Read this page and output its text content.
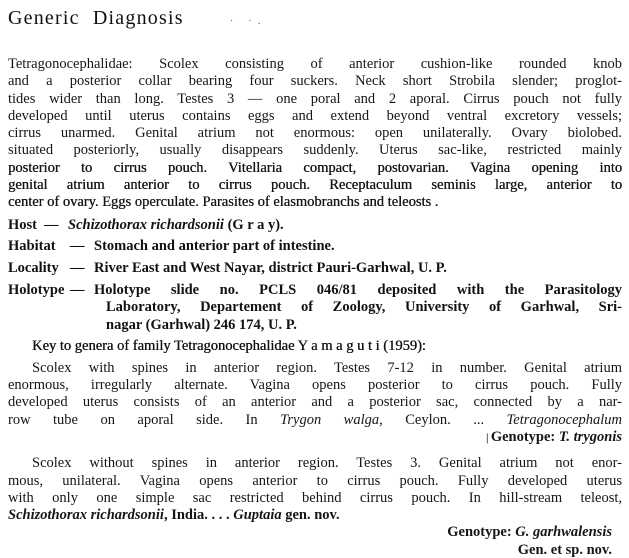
Generic Diagnosis	· ·.
Tetragonocephalidae: Scolex consisting of anterior cushion-like rounded knob
and a posterior collar bearing four suckers. Neck short Strobila slender; proglot-
tides wider than long. Testes 3 — one poral and 2 aporal. Cirrus pouch not fully
developed until uterus contains eggs and extend beyond ventral excretory vessels;
cirrus unarmed. Genital atrium not enormous: open unilaterally. Ovary biolobed.
situated posteriorly, usually disappears suddenly. Uterus sac-like, restricted mainly
posterior to cirrus pouch. Vitellaria compact, postovarian. Vagina opening into
genital atrium anterior to cirrus pouch. Receptaculum seminis large, anterior to
center of ovary. Eggs operculate. Parasites of elasmobranchs and teleosts .
Host — Schizothorax richardsonii (G r a y).
Habitat — Stomach and anterior part of intestine.
Locality — River East and West Nayar, district Pauri-Garhwal, U. P.
Holotype — Holotype slide no. PCLS 046/81 deposited with the Parasitology
Laboratory, Departement of Zoology, University of Garhwal, Sri-
nagar (Garhwal) 246 174, U. P.
Key to genera of family Tetragonocephalidae Y a m a g u t i (1959):
Scolex with spines in anterior region. Testes 7-12 in number. Genital atrium
enormous, irregularly alternate. Vagina opens posterior to cirrus pouch. Fully
developed uterus consists of an anterior and a posterior sac, connected by a nar-
row tube on aporal side. In Trygon walga, Ceylon. ... Tetragonocephalum
| Genotype: T. trygonis
Scolex without spines in anterior region. Testes 3. Genital atrium not enor-
mous, unilateral. Vagina opens anterior to cirrus pouch. Fully developed uterus
with only one simple sac restricted behind cirrus pouch. In hill-stream teleost,
Schizothorax richardsonii, India. . . . Guptaia gen. nov.
Genotype: G. garhwalensis
Gen. et sp. nov.
